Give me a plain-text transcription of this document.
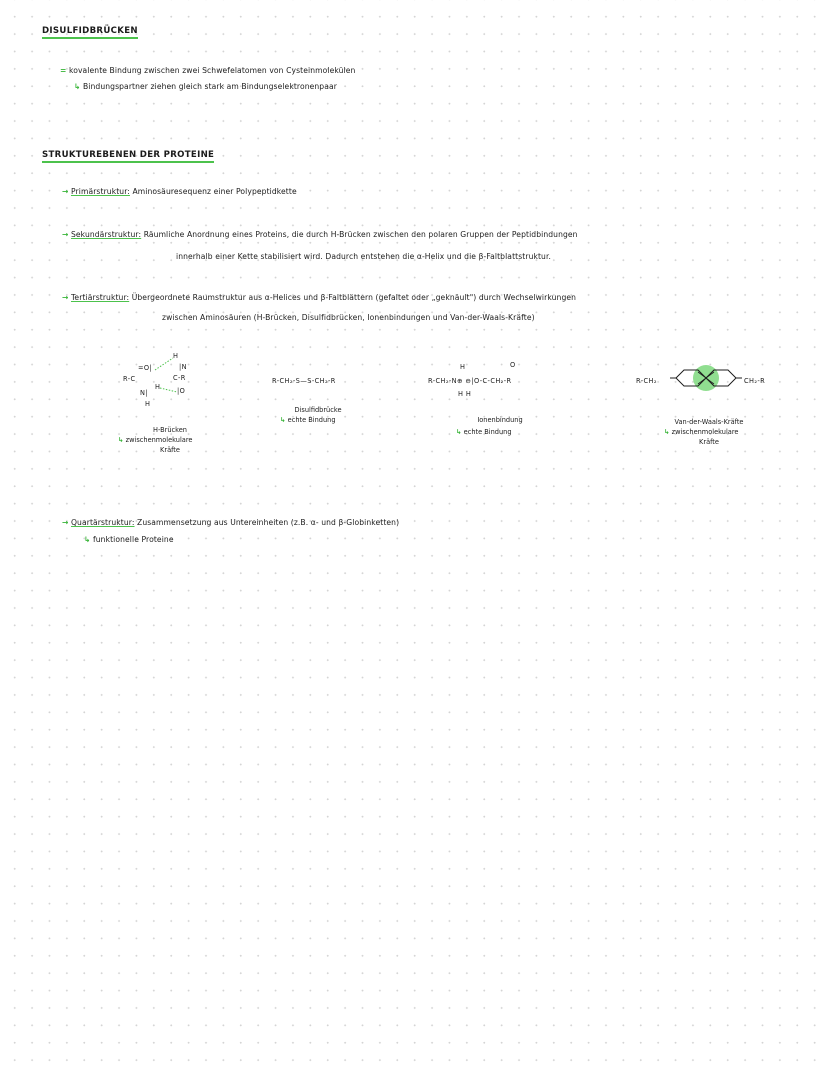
DISULFIDBRÜCKEN
= kovalente Bindung zwischen zwei Schwefelatomen von Cysteinmolekülen
↳ Bindungspartner ziehen gleich stark am Bindungselektronenpaar
STRUKTUREBENEN DER PROTEINE
→ Primärstruktur: Aminosäuresequenz einer Polypeptidkette
→ Sekundärstruktur: Räumliche Anordnung eines Proteins, die durch H-Brücken zwischen den polaren Gruppen der Peptidbindungen
innerhalb einer Kette stabilisiert wird. Dadurch entstehen die α-Helix und die β-Faltblattstruktur.
→ Tertiärstruktur: Übergeordnete Raumstruktur aus α-Helices und β-Faltblättern (gefaltet oder „geknäult") durch Wechselwirkungen
zwischen Aminosäuren (H-Brücken, Disulfidbrücken, Ionenbindungen und Van-der-Waals-Kräfte)
=O|
H
R-C
|N
C-R
H
N|
H
|O
H-Brücken
↳ zwischenmolekulare
Kräfte
R-CH₂-S—S-CH₂-R
Disulfidbrücke
↳ echte Bindung
H	O
R-CH₂-N⊕ ⊖|O-C-CH₂-R
H H
Ionenbindung
↳ echte Bindung
R-CH₂	CH₂-R
Van-der-Waals-Kräfte
↳ zwischenmolekulare
Kräfte
→ Quartärstruktur: Zusammensetzung aus Untereinheiten (z.B. α- und β-Globinketten)
↳ funktionelle Proteine
